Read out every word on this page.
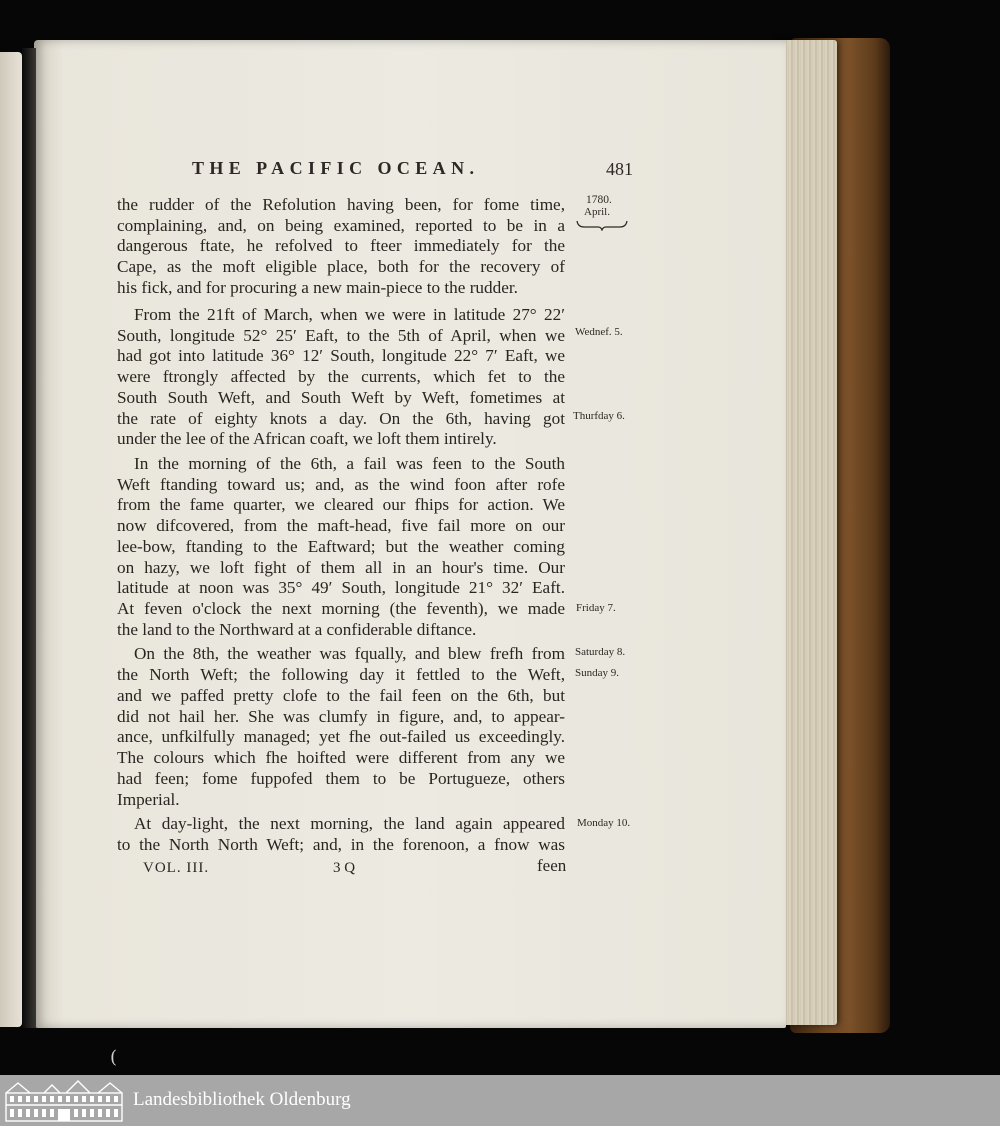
THE PACIFIC OCEAN.	481
1780.
April.
the rudder of the Refolution having been, for fome time,
complaining, and, on being examined, reported to be in a
dangerous ftate, he refolved to fteer immediately for the
Cape, as the moft eligible place, both for the recovery of
his fick, and for procuring a new main-piece to the rudder.
From the 21ft of March, when we were in latitude 27° 22′
South, longitude 52° 25′ Eaft, to the 5th of April, when we
had got into latitude 36° 12′ South, longitude 22° 7′ Eaft, we
were ftrongly affected by the currents, which fet to the
South South Weft, and South Weft by Weft, fometimes at
the rate of eighty knots a day. On the 6th, having got
under the lee of the African coaft, we loft them intirely.
In the morning of the 6th, a fail was feen to the South
Weft ftanding toward us; and, as the wind foon after rofe
from the fame quarter, we cleared our fhips for action. We
now difcovered, from the maft-head, five fail more on our
lee-bow, ftanding to the Eaftward; but the weather coming
on hazy, we loft fight of them all in an hour's time. Our
latitude at noon was 35° 49′ South, longitude 21° 32′ Eaft.
At feven o'clock the next morning (the feventh), we made
the land to the Northward at a confiderable diftance.
On the 8th, the weather was fqually, and blew frefh from
the North Weft; the following day it fettled to the Weft,
and we paffed pretty clofe to the fail feen on the 6th, but
did not hail her. She was clumfy in figure, and, to appear-
ance, unfkilfully managed; yet fhe out-failed us exceedingly.
The colours which fhe hoifted were different from any we
had feen; fome fuppofed them to be Portugueze, others
Imperial.
At day-light, the next morning, the land again appeared
to the North North Weft; and, in the forenoon, a fnow was
Wednef. 5.
Thurfday 6.
Friday 7.
Saturday 8.
Sunday 9.
Monday 10.
VOL. III.	3 Q	feen
(
Landesbibliothek Oldenburg
